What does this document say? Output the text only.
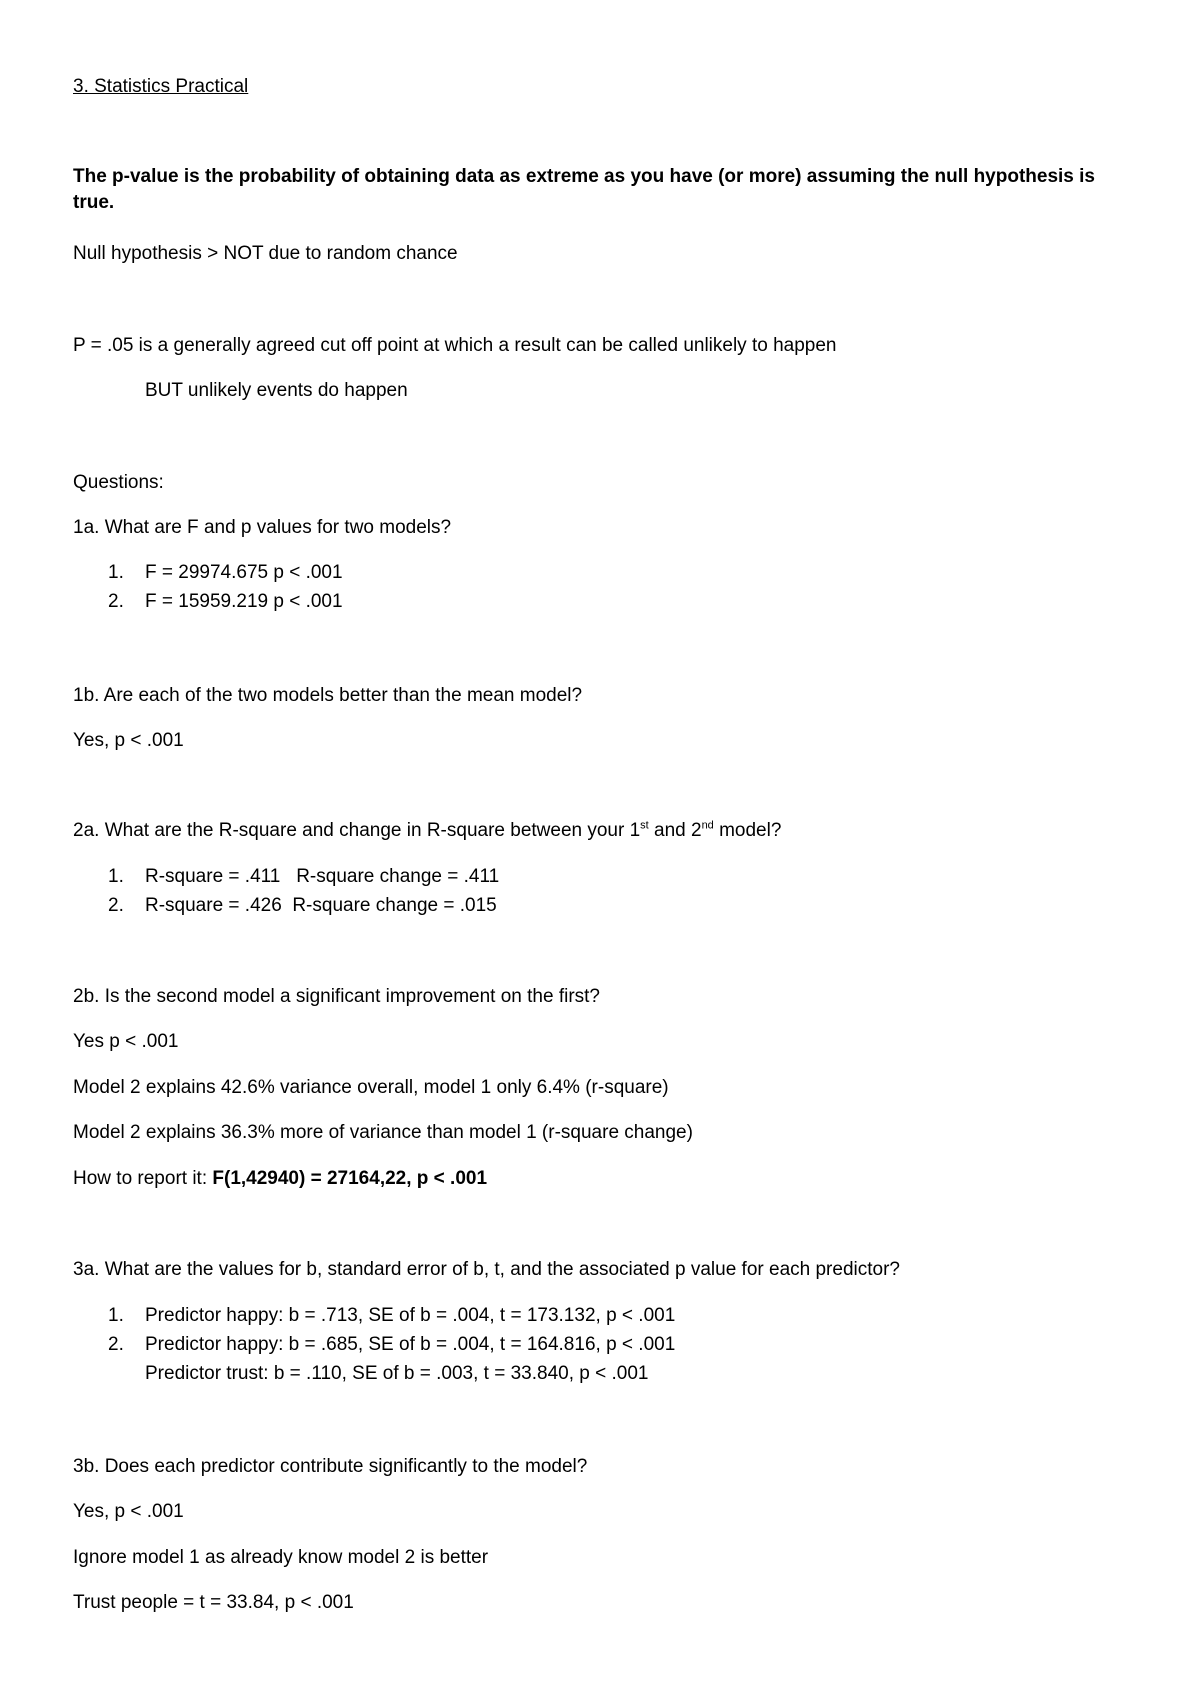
3. Statistics Practical
The p-value is the probability of obtaining data as extreme as you have (or more) assuming the null hypothesis is true.
Null hypothesis > NOT due to random chance
P = .05 is a generally agreed cut off point at which a result can be called unlikely to happen
BUT unlikely events do happen
Questions:
1a. What are F and p values for two models?
1. F = 29974.675 p < .001
2. F = 15959.219 p < .001
1b. Are each of the two models better than the mean model?
Yes, p < .001
2a. What are the R-square and change in R-square between your 1st and 2nd model?
1. R-square = .411   R-square change = .411
2. R-square = .426  R-square change = .015
2b. Is the second model a significant improvement on the first?
Yes p < .001
Model 2 explains 42.6% variance overall, model 1 only 6.4% (r-square)
Model 2 explains 36.3% more of variance than model 1 (r-square change)
How to report it: F(1,42940) = 27164,22, p < .001
3a. What are the values for b, standard error of b, t, and the associated p value for each predictor?
1. Predictor happy: b = .713, SE of b = .004, t = 173.132, p < .001
2. Predictor happy: b = .685, SE of b = .004, t = 164.816, p < .001
Predictor trust: b = .110, SE of b = .003, t = 33.840, p < .001
3b. Does each predictor contribute significantly to the model?
Yes, p < .001
Ignore model 1 as already know model 2 is better
Trust people = t = 33.84, p < .001
